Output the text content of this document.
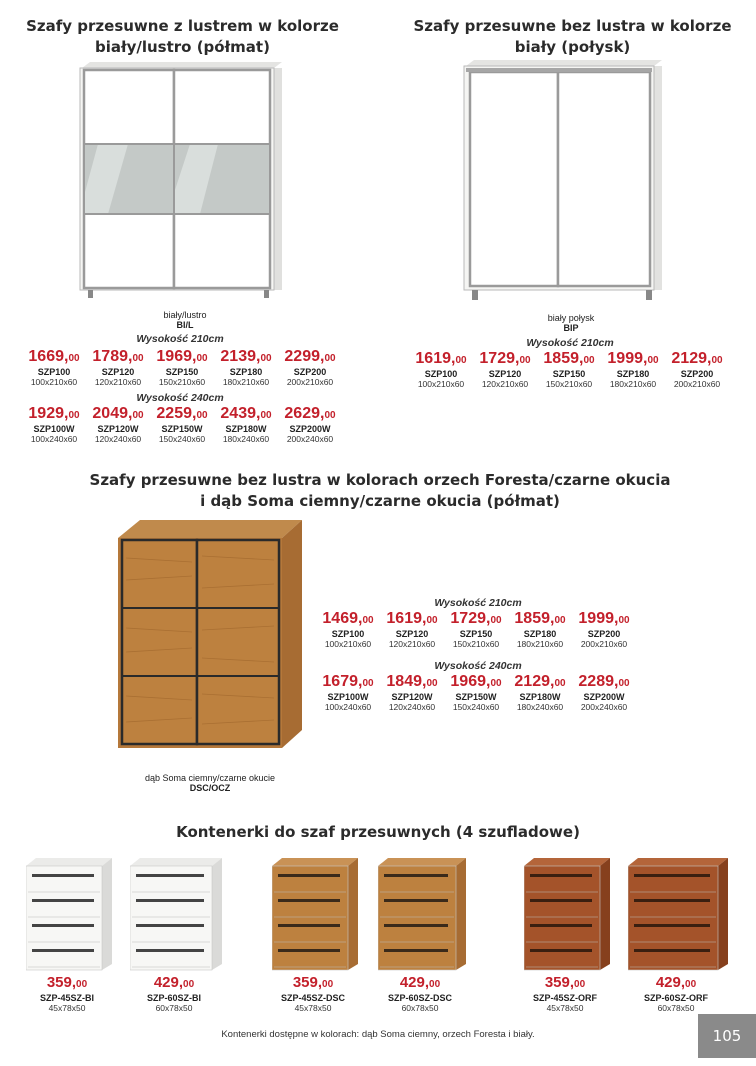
Szafy przesuwne z lustrem w kolorze
biały/lustro (półmat)
biały/lustro
BI/L
Wysokość 210cm
1669,00
SZP100
100x210x60
1789,00
SZP120
120x210x60
1969,00
SZP150
150x210x60
2139,00
SZP180
180x210x60
2299,00
SZP200
200x210x60
Wysokość 240cm
1929,00
SZP100W
100x240x60
2049,00
SZP120W
120x240x60
2259,00
SZP150W
150x240x60
2439,00
SZP180W
180x240x60
2629,00
SZP200W
200x240x60
Szafy przesuwne bez lustra w kolorze
biały (połysk)
biały połysk
BIP
Wysokość 210cm
1619,00
SZP100
100x210x60
1729,00
SZP120
120x210x60
1859,00
SZP150
150x210x60
1999,00
SZP180
180x210x60
2129,00
SZP200
200x210x60
Szafy przesuwne bez lustra w kolorach orzech Foresta/czarne okucia
i dąb Soma ciemny/czarne okucia (półmat)
dąb Soma ciemny/czarne okucie
DSC/OCZ
Wysokość 210cm
1469,00
SZP100
100x210x60
1619,00
SZP120
120x210x60
1729,00
SZP150
150x210x60
1859,00
SZP180
180x210x60
1999,00
SZP200
200x210x60
Wysokość 240cm
1679,00
SZP100W
100x240x60
1849,00
SZP120W
120x240x60
1969,00
SZP150W
150x240x60
2129,00
SZP180W
180x240x60
2289,00
SZP200W
200x240x60
Kontenerki do szaf przesuwnych (4 szufladowe)
359,00
SZP-45SZ-BI
45x78x50
429,00
SZP-60SZ-BI
60x78x50
359,00
SZP-45SZ-DSC
45x78x50
429,00
SZP-60SZ-DSC
60x78x50
359,00
SZP-45SZ-ORF
45x78x50
429,00
SZP-60SZ-ORF
60x78x50
Kontenerki dostępne w kolorach: dąb Soma ciemny, orzech Foresta i biały.	105
